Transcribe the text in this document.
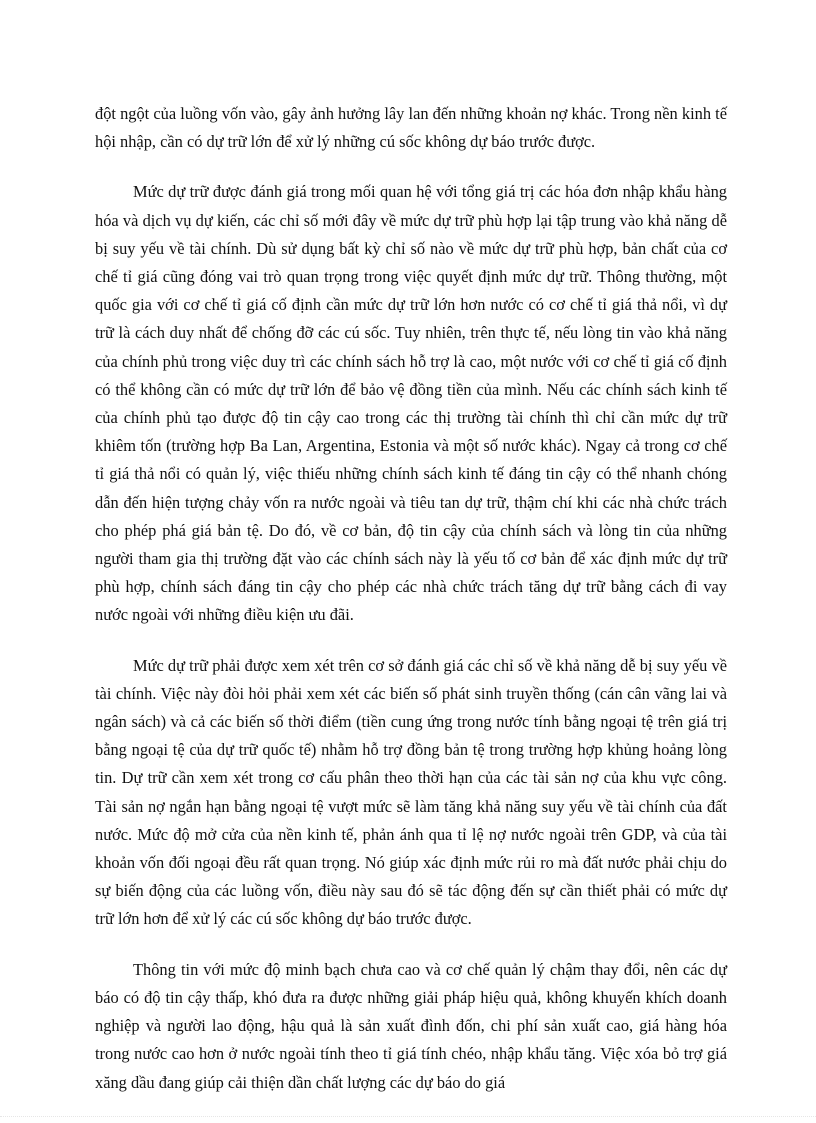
đột ngột của luồng vốn vào, gây ảnh hưởng lây lan đến những khoản nợ khác. Trong nền kinh tế hội nhập, cần có dự trữ lớn để xử lý những cú sốc không dự báo trước được.

Mức dự trữ được đánh giá trong mối quan hệ với tổng giá trị các hóa đơn nhập khẩu hàng hóa và dịch vụ dự kiến, các chỉ số mới đây về mức dự trữ phù hợp lại tập trung vào khả năng dễ bị suy yếu về tài chính. Dù sử dụng bất kỳ chỉ số nào về mức dự trữ phù hợp, bản chất của cơ chế tỉ giá cũng đóng vai trò quan trọng trong việc quyết định mức dự trữ. Thông thường, một quốc gia với cơ chế tỉ giá cố định cần mức dự trữ lớn hơn nước có cơ chế tỉ giá thả nổi, vì dự trữ là cách duy nhất để chống đỡ các cú sốc. Tuy nhiên, trên thực tế, nếu lòng tin vào khả năng của chính phủ trong việc duy trì các chính sách hỗ trợ là cao, một nước với cơ chế tỉ giá cố định có thể không cần có mức dự trữ lớn để bảo vệ đồng tiền của mình. Nếu các chính sách kinh tế của chính phủ tạo được độ tin cậy cao trong các thị trường tài chính thì chỉ cần mức dự trữ khiêm tốn (trường hợp Ba Lan, Argentina, Estonia và một số nước khác). Ngay cả trong cơ chế tỉ giá thả nổi có quản lý, việc thiếu những chính sách kinh tế đáng tin cậy có thể nhanh chóng dẫn đến hiện tượng chảy vốn ra nước ngoài và tiêu tan dự trữ, thậm chí khi các nhà chức trách cho phép phá giá bản tệ. Do đó, về cơ bản, độ tin cậy của chính sách và lòng tin của những người tham gia thị trường đặt vào các chính sách này là yếu tố cơ bản để xác định mức dự trữ phù hợp, chính sách đáng tin cậy cho phép các nhà chức trách tăng dự trữ bằng cách đi vay nước ngoài với những điều kiện ưu đãi.

Mức dự trữ phải được xem xét trên cơ sở đánh giá các chỉ số về khả năng dễ bị suy yếu về tài chính. Việc này đòi hỏi phải xem xét các biến số phát sinh truyền thống (cán cân vãng lai và ngân sách) và cả các biến số thời điểm (tiền cung ứng trong nước tính bằng ngoại tệ trên giá trị bằng ngoại tệ của dự trữ quốc tế) nhằm hỗ trợ đồng bản tệ trong trường hợp khủng hoảng lòng tin. Dự trữ cần xem xét trong cơ cấu phân theo thời hạn của các tài sản nợ của khu vực công. Tài sản nợ ngắn hạn bằng ngoại tệ vượt mức sẽ làm tăng khả năng suy yếu về tài chính của đất nước. Mức độ mở cửa của nền kinh tế, phản ánh qua tỉ lệ nợ nước ngoài trên GDP, và của tài khoản vốn đối ngoại đều rất quan trọng. Nó giúp xác định mức rủi ro mà đất nước phải chịu do sự biến động của các luồng vốn, điều này sau đó sẽ tác động đến sự cần thiết phải có mức dự trữ lớn hơn để xử lý các cú sốc không dự báo trước được.

Thông tin với mức độ minh bạch chưa cao và cơ chế quản lý chậm thay đổi, nên các dự báo có độ tin cậy thấp, khó đưa ra được những giải pháp hiệu quả, không khuyến khích doanh nghiệp và người lao động, hậu quả là sản xuất đình đốn, chi phí sản xuất cao, giá hàng hóa trong nước cao hơn ở nước ngoài tính theo tỉ giá tính chéo, nhập khẩu tăng. Việc xóa bỏ trợ giá xăng dầu đang giúp cải thiện dần chất lượng các dự báo do giá
